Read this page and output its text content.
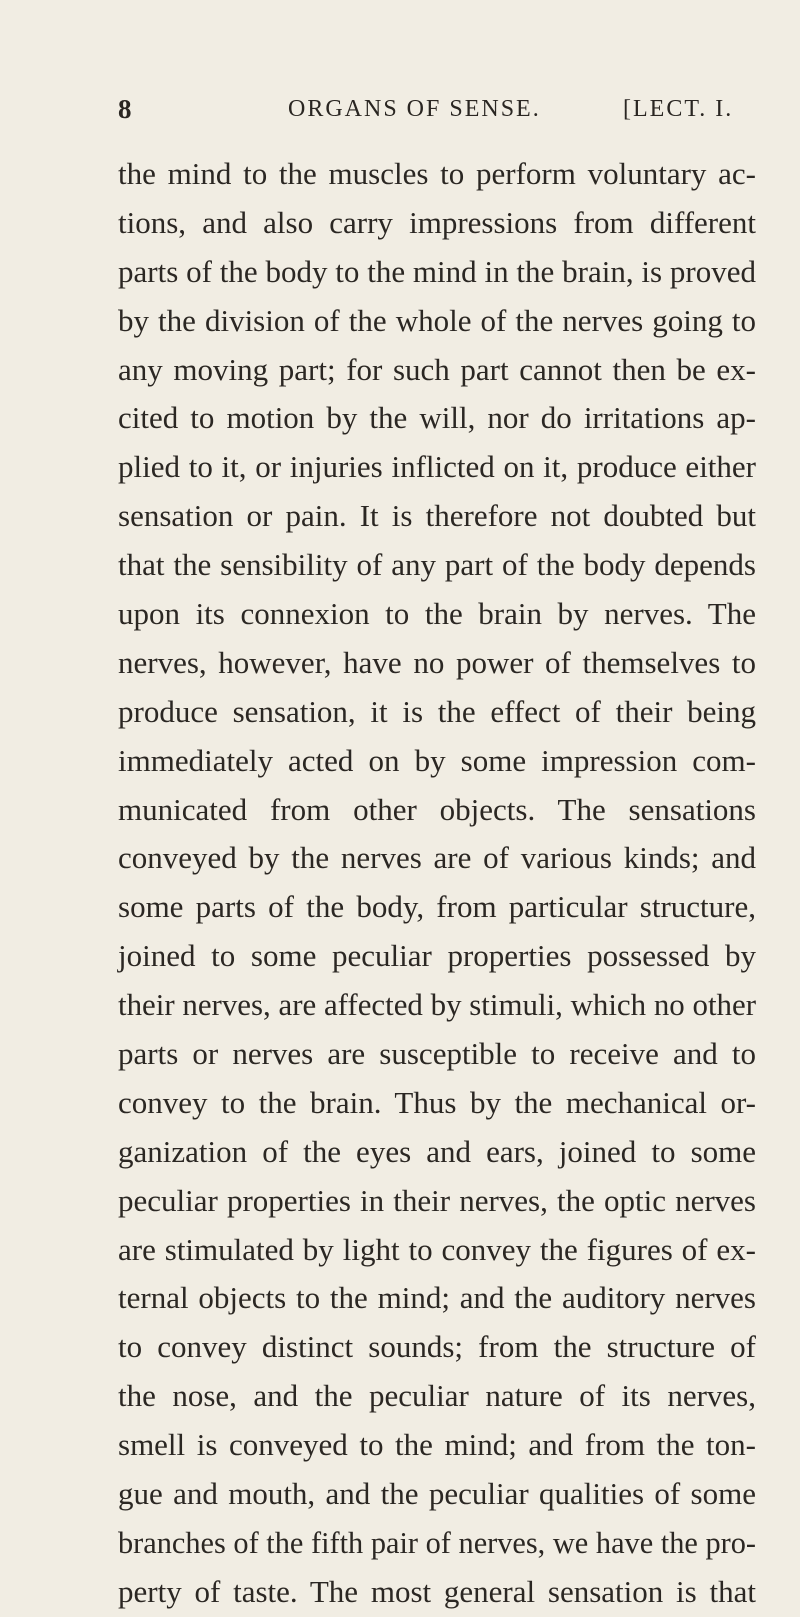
8	ORGANS OF SENSE.	[LECT. I.
the mind to the muscles to perform voluntary ac-
tions, and also carry impressions from different
parts of the body to the mind in the brain, is proved
by the division of the whole of the nerves going to
any moving part; for such part cannot then be ex-
cited to motion by the will, nor do irritations ap-
plied to it, or injuries inflicted on it, produce either
sensation or pain. It is therefore not doubted but
that the sensibility of any part of the body depends
upon its connexion to the brain by nerves. The
nerves, however, have no power of themselves to
produce sensation, it is the effect of their being
immediately acted on by some impression com-
municated from other objects. The sensations
conveyed by the nerves are of various kinds; and
some parts of the body, from particular structure,
joined to some peculiar properties possessed by
their nerves, are affected by stimuli, which no other
parts or nerves are susceptible to receive and to
convey to the brain. Thus by the mechanical or-
ganization of the eyes and ears, joined to some
peculiar properties in their nerves, the optic nerves
are stimulated by light to convey the figures of ex-
ternal objects to the mind; and the auditory nerves
to convey distinct sounds; from the structure of
the nose, and the peculiar nature of its nerves,
smell is conveyed to the mind; and from the ton-
gue and mouth, and the peculiar qualities of some
branches of the fifth pair of nerves, we have the pro-
perty of taste. The most general sensation is that
